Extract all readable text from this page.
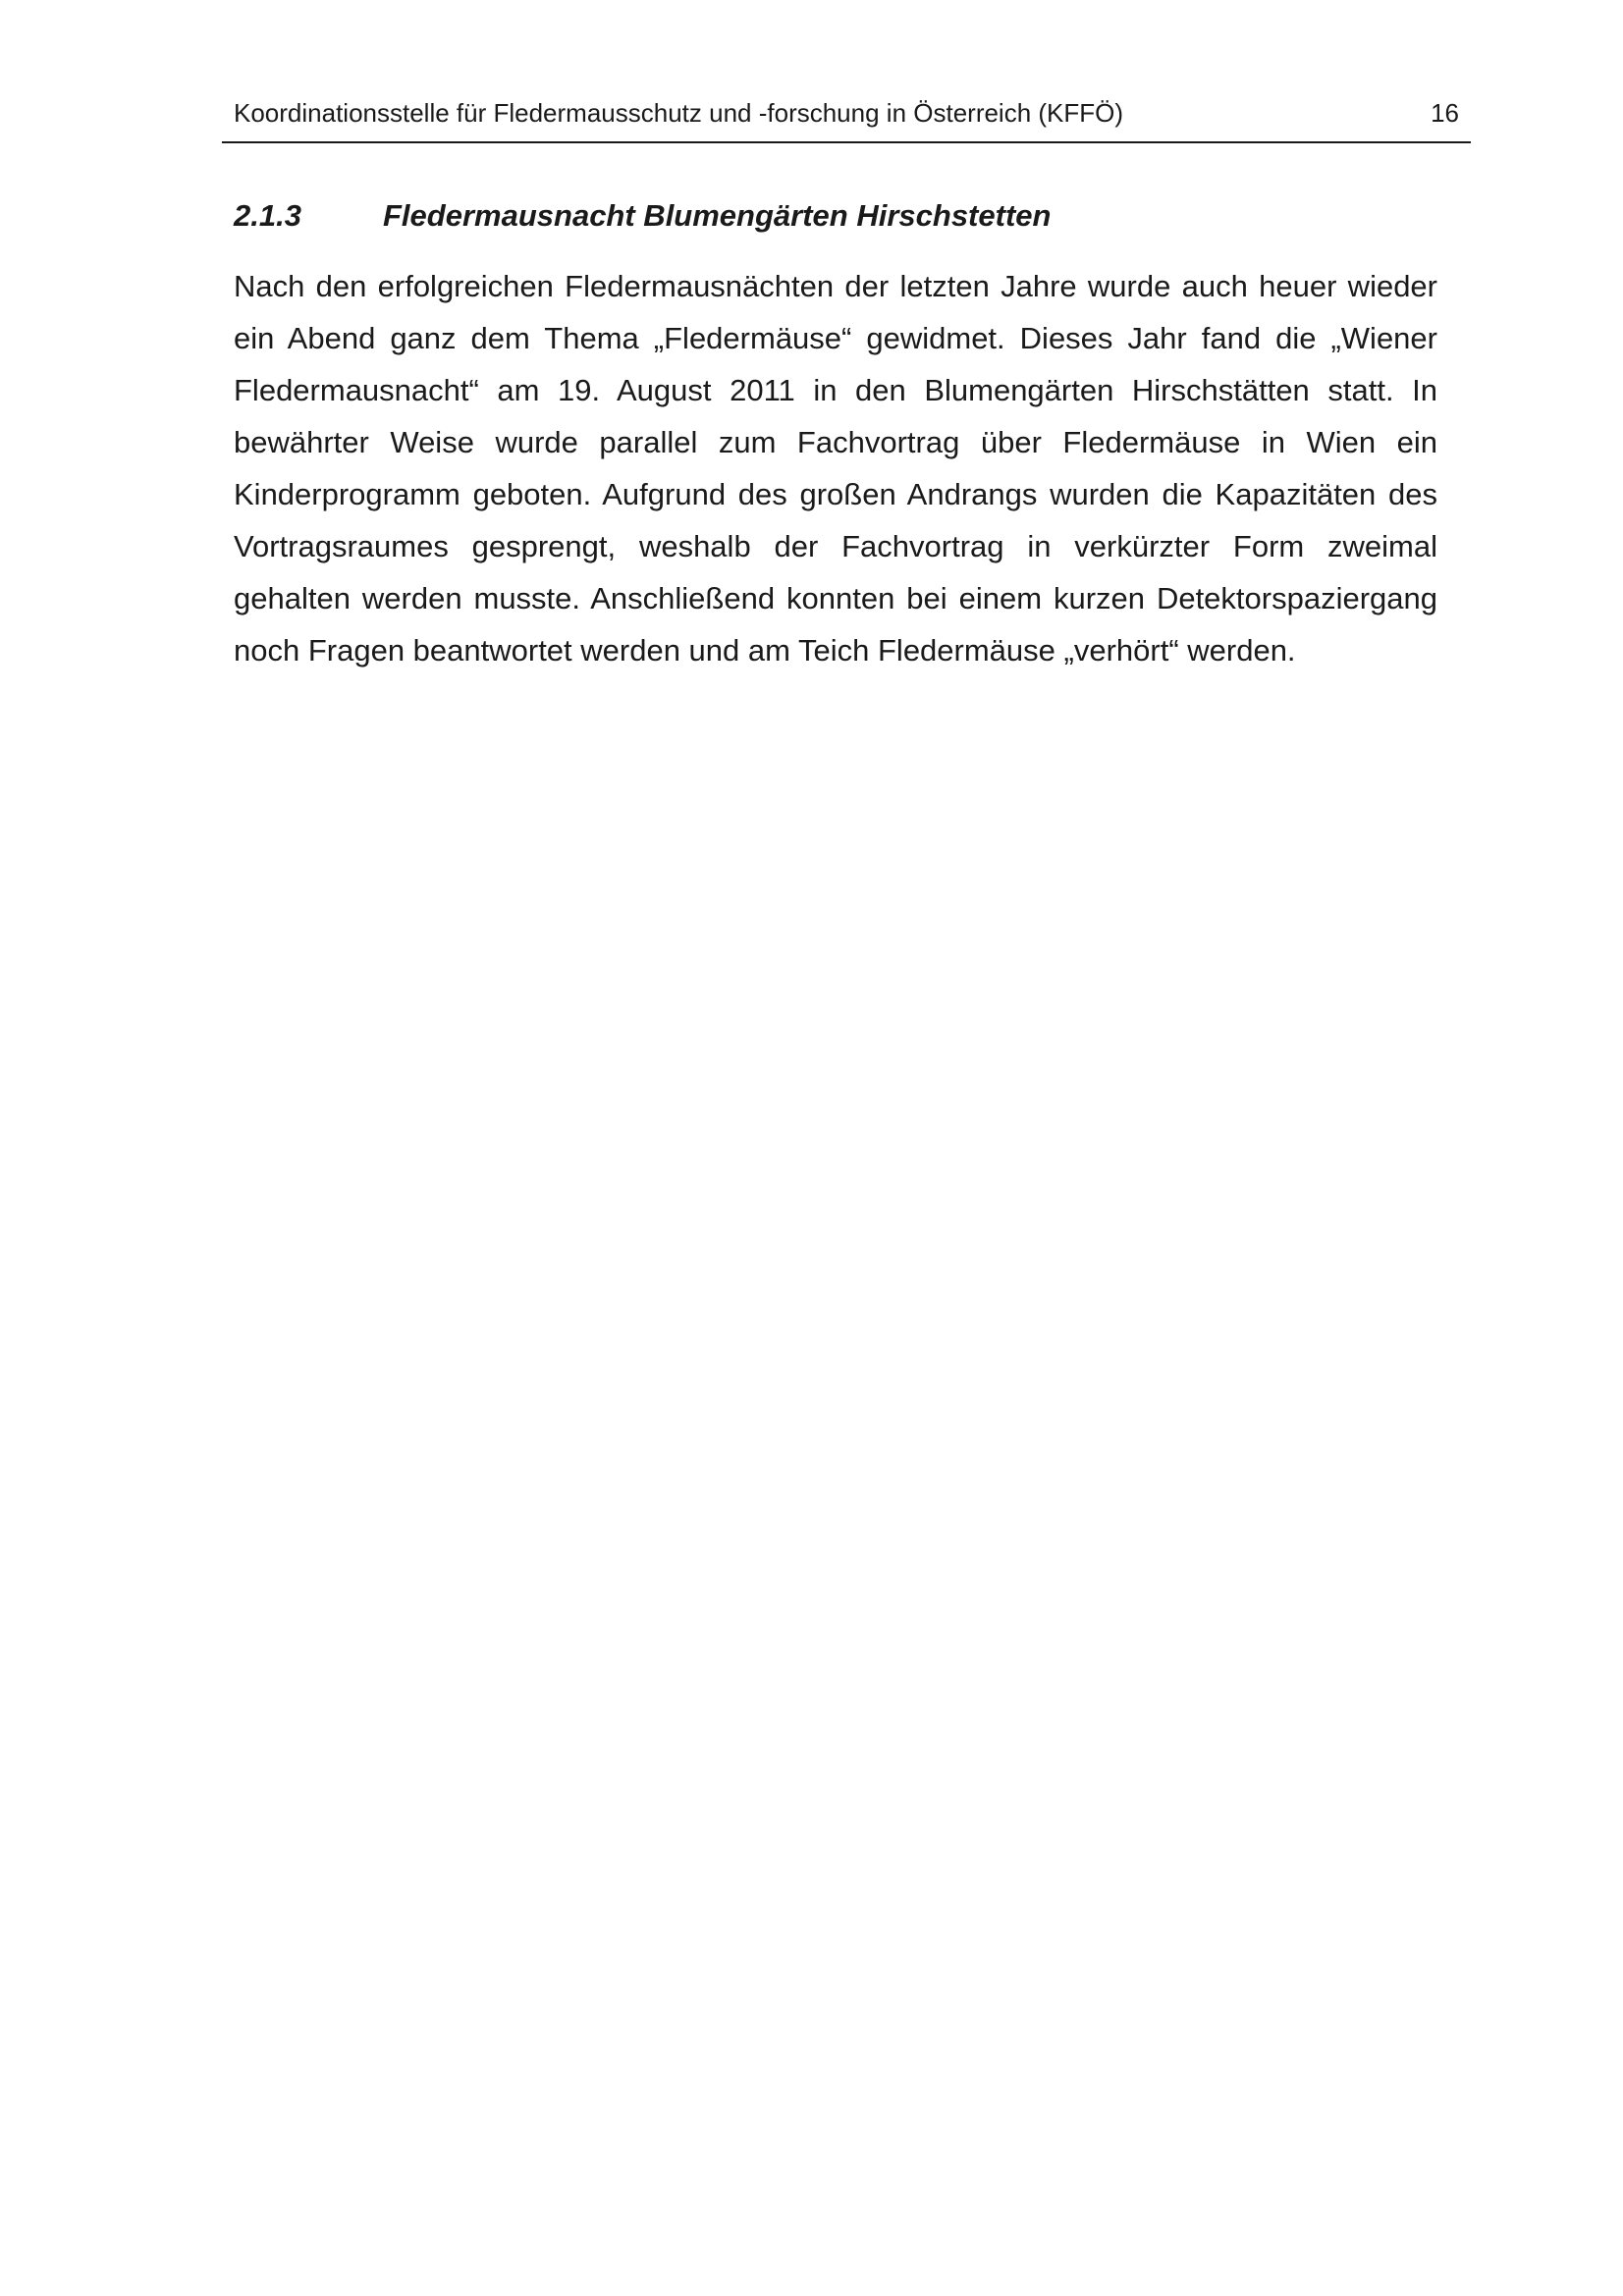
Koordinationsstelle für Fledermausschutz und -forschung in Österreich (KFFÖ)	16
2.1.3	Fledermausnacht Blumengärten Hirschstetten

Nach den erfolgreichen Fledermausnächten der letzten Jahre wurde auch heuer wieder ein Abend ganz dem Thema „Fledermäuse“ gewidmet. Dieses Jahr fand die „Wiener Fledermausnacht“ am 19. August 2011 in den Blumengärten Hirschstätten statt. In bewährter Weise wurde parallel zum Fachvortrag über Fledermäuse in Wien ein Kinderprogramm geboten. Aufgrund des großen Andrangs wurden die Kapazitäten des Vortragsraumes gesprengt, weshalb der Fachvortrag in verkürzter Form zweimal gehalten werden musste. Anschließend konnten bei einem kurzen Detektorspaziergang noch Fragen beantwortet werden und am Teich Fledermäuse „verhört“ werden.
